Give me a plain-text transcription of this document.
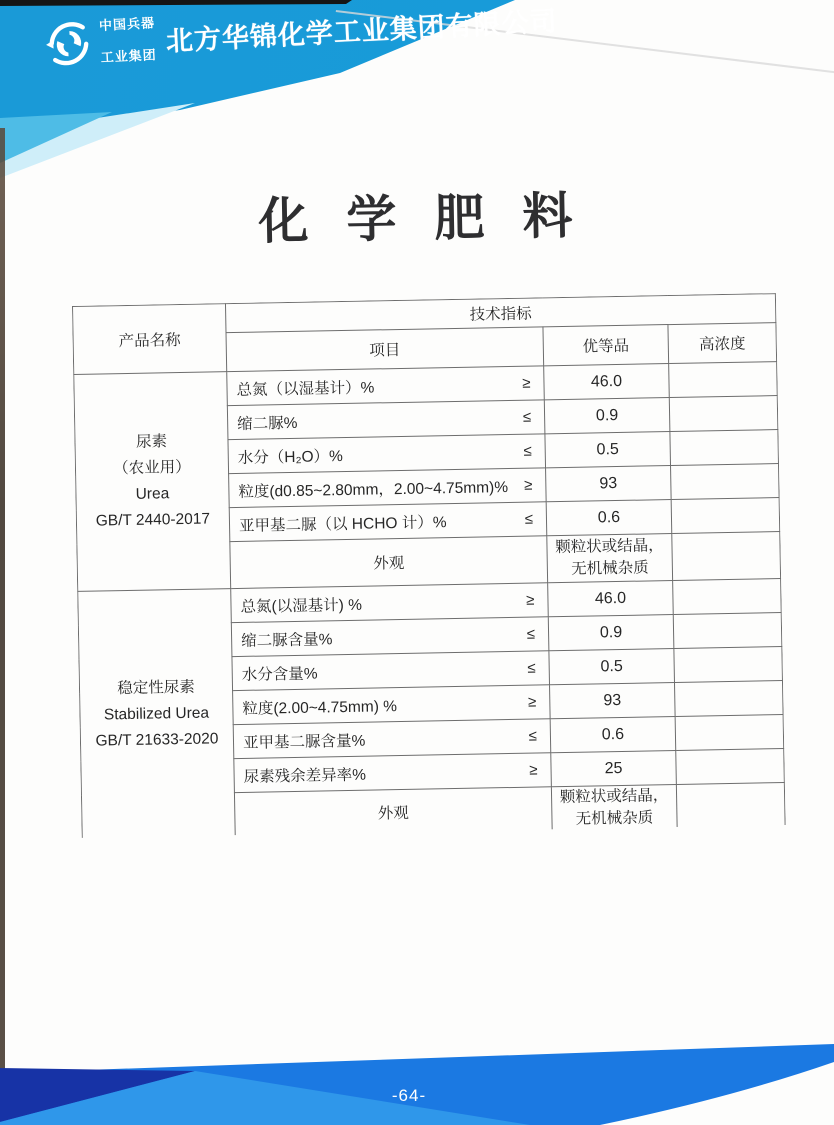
中国兵器

工业集团 北方华锦化学工业集团有限公司
化学肥料
产品名称	技术指标		
	项目	优等品	高浓度
尿素
（农业用）
Urea
GB/T 2440-2017	总氮（以湿基计）% ≥	46.0	

	缩二脲% ≤	0.9	

	水分（H₂O）% ≤	0.5	

	粒度(d0.85~2.80mm，2.00~4.75mm)% ≥	93	

	亚甲基二脲（以 HCHO 计）% ≤	0.6	
	外观	颗粒状或结晶，
无机械杂质	
稳定性尿素
Stabilized Urea
GB/T 21633-2020	总氮(以湿基计) % ≥	46.0	

	缩二脲含量% ≤	0.9	

	水分含量% ≤	0.5	

	粒度(2.00~4.75mm) % ≥	93	

	亚甲基二脲含量% ≤	0.6	

	尿素残余差异率% ≥	25	
	外观	颗粒状或结晶，
无机械杂质	

-64-
